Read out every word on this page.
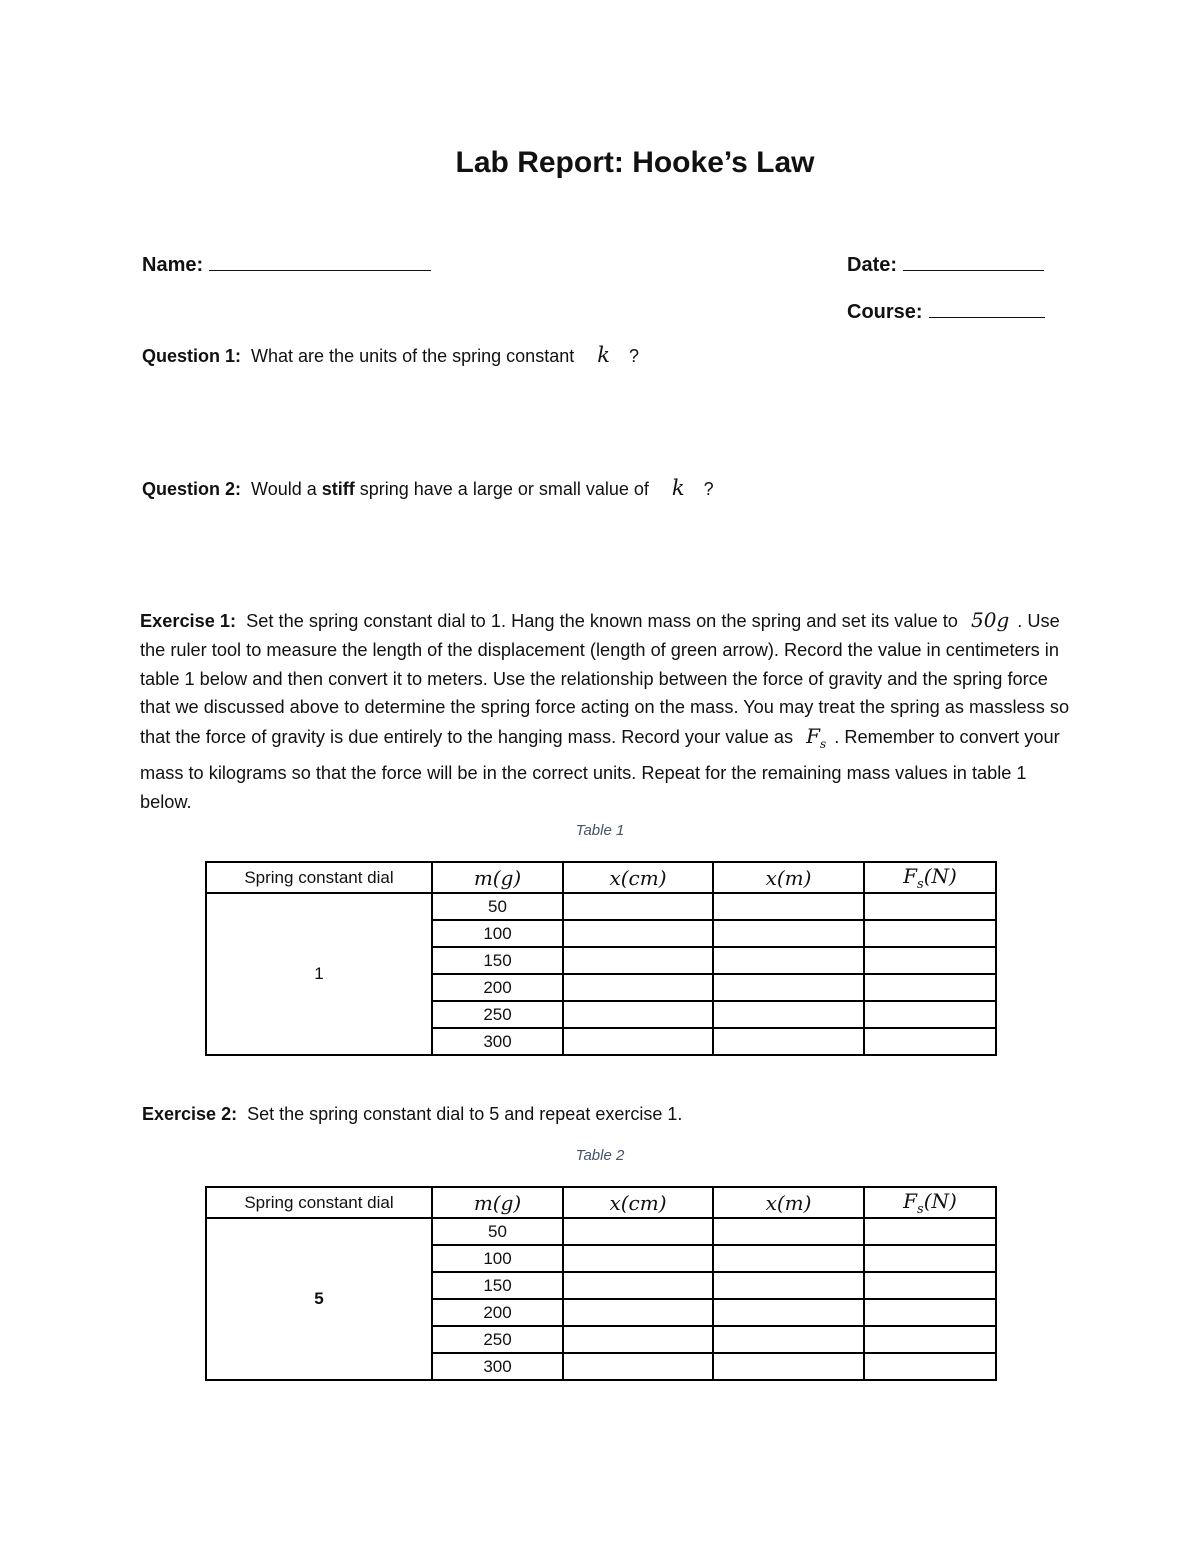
Lab Report: Hooke’s Law
Name:	Date:
Course:
Question 1: What are the units of the spring constant k ?
Question 2: Would a stiff spring have a large or small value of k ?
Exercise 1: Set the spring constant dial to 1. Hang the known mass on the spring and set its value to 50g . Use the ruler tool to measure the length of the displacement (length of green arrow). Record the value in centimeters in table 1 below and then convert it to meters. Use the relationship between the force of gravity and the spring force that we discussed above to determine the spring force acting on the mass. You may treat the spring as massless so that the force of gravity is due entirely to the hanging mass. Record your value as $F_s$ . Remember to convert your mass to kilograms so that the force will be in the correct units. Repeat for the remaining mass values in table 1 below.
Table 1
Spring constant dial	m(g)	x(cm)	x(m)	$F_s(N)$
1	50			
	100			
	150			
	200			
	250			
	300			
Exercise 2: Set the spring constant dial to 5 and repeat exercise 1.
Table 2
Spring constant dial	m(g)	x(cm)	x(m)	$F_s(N)$
5	50			
	100			
	150			
	200			
	250			
	300			
